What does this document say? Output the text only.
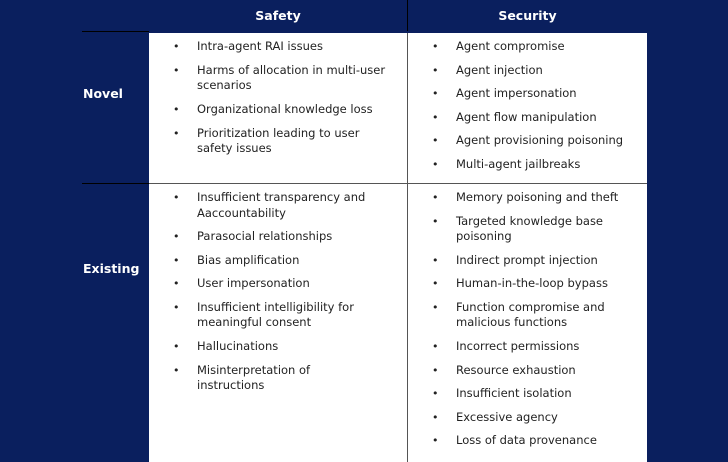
Safety	Security
Novel
Existing
• Intra-agent RAI issues
• Harms of allocation in multi-user scenarios
• Organizational knowledge loss
• Prioritization leading to user safety issues
• Agent compromise
• Agent injection
• Agent impersonation
• Agent flow manipulation
• Agent provisioning poisoning
• Multi-agent jailbreaks
• Insufficient transparency and Aaccountability
• Parasocial relationships
• Bias amplification
• User impersonation
• Insufficient intelligibility for meaningful consent
• Hallucinations
• Misinterpretation of instructions
• Memory poisoning and theft
• Targeted knowledge base poisoning
• Indirect prompt injection
• Human-in-the-loop bypass
• Function compromise and malicious functions
• Incorrect permissions
• Resource exhaustion
• Insufficient isolation
• Excessive agency
• Loss of data provenance
